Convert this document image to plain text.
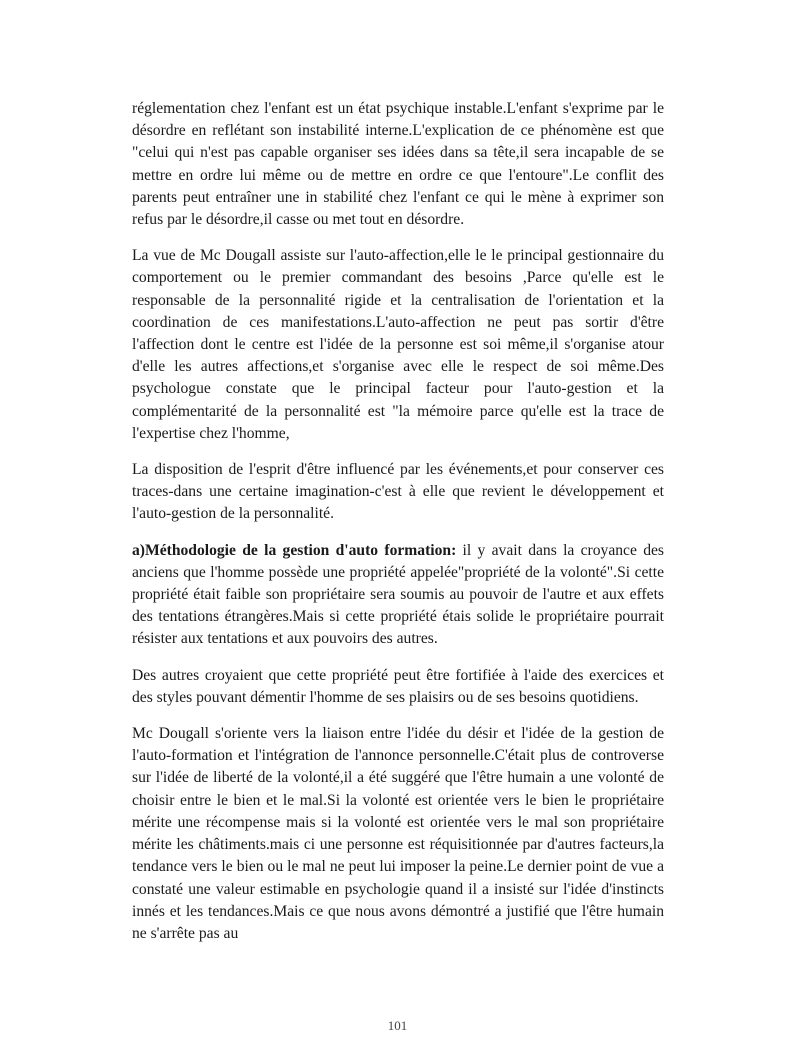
réglementation chez l'enfant est un état psychique instable.L'enfant s'exprime par le désordre en reflétant son instabilité interne.L'explication de ce phénomène est que "celui qui n'est pas capable organiser ses idées dans sa tête,il sera incapable de se mettre en ordre lui même ou de mettre en ordre ce que l'entoure".Le conflit des parents peut entraîner une in stabilité chez l'enfant ce qui le mène à exprimer son refus par le désordre,il casse ou met tout en désordre.

La vue de Mc Dougall assiste sur l'auto-affection,elle le le principal gestionnaire du comportement ou le premier commandant des besoins ,Parce qu'elle est le responsable de la personnalité rigide et la centralisation de l'orientation et la coordination de ces manifestations.L'auto-affection ne peut pas sortir d'être l'affection dont le centre est l'idée de la personne est soi même,il s'organise atour d'elle les autres affections,et s'organise avec elle le respect de soi même.Des psychologue constate que le principal facteur pour l'auto-gestion et la complémentarité de la personnalité est "la mémoire parce qu'elle est la trace de l'expertise chez l'homme,

La disposition de l'esprit d'être influencé par les événements,et pour conserver ces traces-dans une certaine imagination-c'est à elle que revient le développement et l'auto-gestion de la personnalité.

a)Méthodologie de la gestion d'auto formation: il y avait dans la croyance des anciens que l'homme possède une propriété appelée"propriété de la volonté".Si cette propriété était faible son propriétaire sera soumis au pouvoir de l'autre et aux effets des tentations étrangères.Mais si cette propriété étais solide le propriétaire pourrait résister aux tentations et aux pouvoirs des autres.

Des autres croyaient que cette propriété peut être fortifiée à l'aide des exercices et des styles pouvant démentir l'homme de ses plaisirs ou de ses besoins quotidiens.

Mc Dougall s'oriente vers la liaison entre l'idée du désir et l'idée de la gestion de l'auto-formation et l'intégration de l'annonce personnelle.C'était plus de controverse sur l'idée de liberté de la volonté,il a été suggéré que l'être humain a une volonté de choisir entre le bien et le mal.Si la volonté est orientée vers le bien le propriétaire mérite une récompense mais si la volonté est orientée vers le mal son propriétaire mérite les châtiments.mais ci une personne est réquisitionnée par d'autres facteurs,la tendance vers le bien ou le mal ne peut lui imposer la peine.Le dernier point de vue a constaté une valeur estimable en psychologie quand il a insisté sur l'idée d'instincts innés et les tendances.Mais ce que nous avons démontré a justifié que l'être humain ne s'arrête pas au

101
